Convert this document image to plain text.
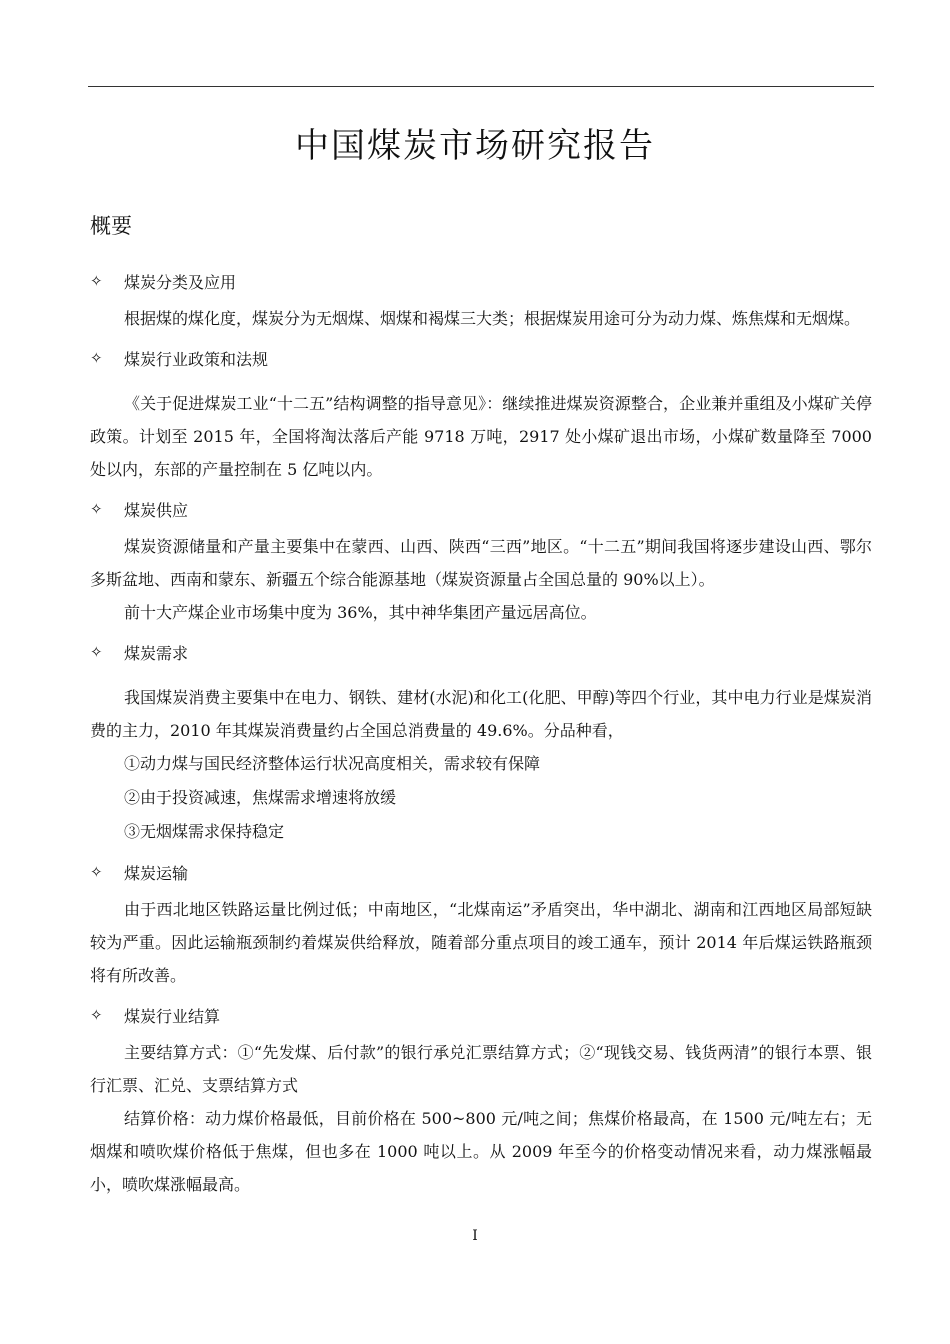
中国煤炭市场研究报告
概要
✧	煤炭分类及应用

根据煤的煤化度，煤炭分为无烟煤、烟煤和褐煤三大类；根据煤炭用途可分为动力煤、炼焦煤和无烟煤。

✧	煤炭行业政策和法规

《关于促进煤炭工业“十二五”结构调整的指导意见》：继续推进煤炭资源整合，企业兼并重组及小煤矿关停政策。计划至 2015 年，全国将淘汰落后产能 9718 万吨，2917 处小煤矿退出市场，小煤矿数量降至 7000 处以内，东部的产量控制在 5 亿吨以内。

✧	煤炭供应

煤炭资源储量和产量主要集中在蒙西、山西、陕西“三西”地区。“十二五”期间我国将逐步建设山西、鄂尔多斯盆地、西南和蒙东、新疆五个综合能源基地（煤炭资源量占全国总量的 90%以上）。

前十大产煤企业市场集中度为 36%，其中神华集团产量远居高位。

✧	煤炭需求

我国煤炭消费主要集中在电力、钢铁、建材(水泥)和化工(化肥、甲醇)等四个行业，其中电力行业是煤炭消费的主力，2010 年其煤炭消费量约占全国总消费量的 49.6%。分品种看，

①动力煤与国民经济整体运行状况高度相关，需求较有保障

②由于投资减速，焦煤需求增速将放缓

③无烟煤需求保持稳定

✧	煤炭运输

由于西北地区铁路运量比例过低；中南地区，“北煤南运”矛盾突出，华中湖北、湖南和江西地区局部短缺较为严重。因此运输瓶颈制约着煤炭供给释放，随着部分重点项目的竣工通车，预计 2014 年后煤运铁路瓶颈将有所改善。

✧	煤炭行业结算

主要结算方式：①“先发煤、后付款”的银行承兑汇票结算方式；②“现钱交易、钱货两清”的银行本票、银行汇票、汇兑、支票结算方式

结算价格：动力煤价格最低，目前价格在 500~800 元/吨之间；焦煤价格最高，在 1500 元/吨左右；无烟煤和喷吹煤价格低于焦煤，但也多在 1000 吨以上。从 2009 年至今的价格变动情况来看，动力煤涨幅最小，喷吹煤涨幅最高。

I
